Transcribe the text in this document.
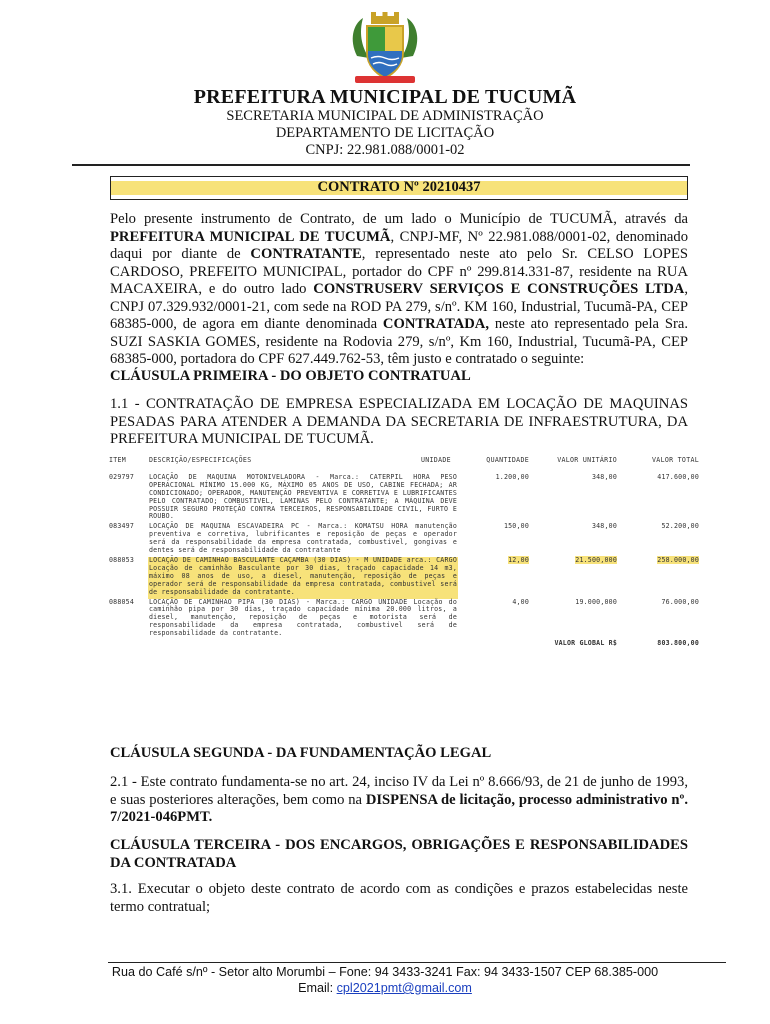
PREFEITURA MUNICIPAL DE TUCUMÃ
SECRETARIA MUNICIPAL DE ADMINISTRAÇÃO
DEPARTAMENTO DE LICITAÇÃO
CNPJ: 22.981.088/0001-02
CONTRATO Nº 20210437

Pelo presente instrumento de Contrato, de um lado o Município de TUCUMÃ, através da PREFEITURA MUNICIPAL DE TUCUMÃ, CNPJ-MF, Nº 22.981.088/0001-02, denominado daqui por diante de CONTRATANTE, representado neste ato pelo Sr. CELSO LOPES CARDOSO, PREFEITO MUNICIPAL, portador do CPF nº 299.814.331-87, residente na RUA MACAXEIRA, e do outro lado CONSTRUSERV SERVIÇOS E CONSTRUÇÕES LTDA, CNPJ 07.329.932/0001-21, com sede na ROD PA 279, s/nº. KM 160, Industrial, Tucumã-PA, CEP 68385-000, de agora em diante denominada CONTRATADA, neste ato representado pela Sra. SUZI SASKIA GOMES, residente na Rodovia 279, s/nº, Km 160, Industrial, Tucumã-PA, CEP 68385-000, portadora do CPF 627.449.762-53, têm justo e contratado o seguinte:

CLÁUSULA PRIMEIRA - DO OBJETO CONTRATUAL

1.1 - CONTRATAÇÃO DE EMPRESA ESPECIALIZADA EM LOCAÇÃO DE MAQUINAS PESADAS PARA ATENDER A DEMANDA DA SECRETARIA DE INFRAESTRUTURA, DA PREFEITURA MUNICIPAL DE TUCUMÃ.

ITEM	DESCRIÇÃO/ESPECIFICAÇÕES	UNIDADE	QUANTIDADE	VALOR UNITÁRIO	VALOR TOTAL
029797	LOCAÇÃO DE MAQUINA MOTONIVELADORA - Marca.: CATERPIL HORA PESO OPERACIONAL MÍNIMO 15.000 KG, MÁXIMO 05 ANOS DE USO, CABINE FECHADA; AR CONDICIONADO; OPERADOR, MANUTENÇÃO PREVENTIVA E CORRETIVA E LUBRIFICANTES PELO CONTRATADO; COMBUSTIVEL, LAMINAS PELO CONTRATANTE; A MÁQUINA DEVE POSSUIR SEGURO PROTEÇÃO CONTRA TERCEIROS, RESPONSABILIDADE CIVIL, FURTO E ROUBO.		1.200,00	348,00	417.600,00
083497	LOCAÇÃO DE MAQUINA ESCAVADEIRA PC - Marca.: KOMATSU HORA manutenção preventiva e corretiva, lubrificantes e reposição de peças e operador será da responsabilidade da empresa contratada, combustivel, gongivas e dentes será de responsabilidade da contratante		150,00	348,00	52.200,00
088053	LOCAÇÃO DE CAMINHAO BASCULANTE CAÇAMBA (30 DIAS) - M UNIDADE arca.: CARGO Locação de caminhão Basculante por 30 dias, traçado capacidade 14 m3, máximo 08 anos de uso, a diesel, manutenção, reposição de peças e operador será de responsabilidade da empresa contratada, combustivel será de responsabilidade da contratante.		12,00	21.500,000	258.000,00
088054	LOCAÇÃO DE CAMINHAO PIPA (30 DIAS) - Marca.: CARGO UNIDADE Locação do caminhão pipa por 30 dias, traçado capacidade mínima 20.000 litros, a diesel, manutenção, reposição de peças e motorista será de responsabilidade da empresa contratada, combustivel será de responsabilidade da contratante.		4,00	19.000,000	76.000,00
				VALOR GLOBAL R$	803.800,00
CLÁUSULA SEGUNDA - DA FUNDAMENTAÇÃO LEGAL

2.1 - Este contrato fundamenta-se no art. 24, inciso IV da Lei nº 8.666/93, de 21 de junho de 1993, e suas posteriores alterações, bem como na DISPENSA de licitação, processo administrativo nº. 7/2021-046PMT.

CLÁUSULA TERCEIRA - DOS ENCARGOS, OBRIGAÇÕES E RESPONSABILIDADES DA CONTRATADA

3.1. Executar o objeto deste contrato de acordo com as condições e prazos estabelecidas neste termo contratual;

Rua do Café s/nº - Setor alto Morumbi – Fone: 94 3433-3241 Fax: 94 3433-1507 CEP 68.385-000
Email: cpl2021pmt@gmail.com
